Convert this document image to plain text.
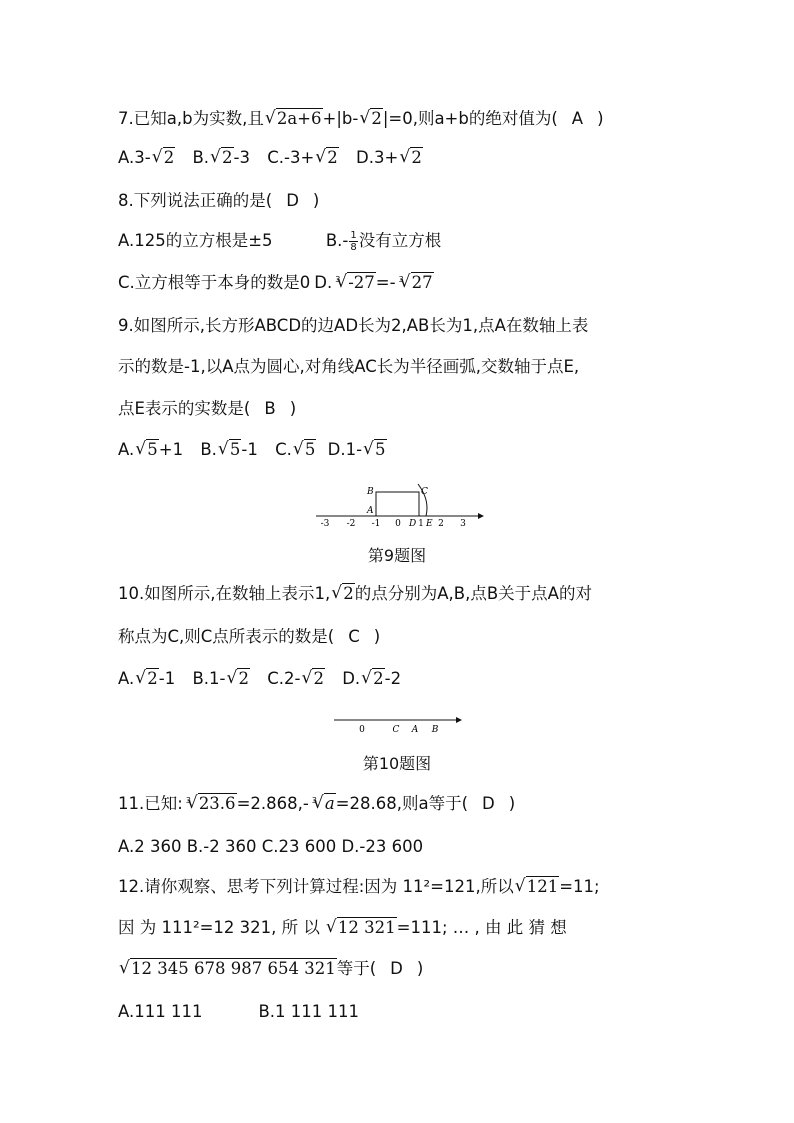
7.已知a,b为实数,且 √ 2a+6+|b- √ 2|=0,则a+b的绝对值为( A )
A.3- √ 2 B. √ 2-3 C.-3+ √ 2 D.3+ √ 2
8.下列说法正确的是( D )
A.125的立方根是±5	$B.- \frac{1}{8}$ 没有立方根
C.立方根等于本身的数是0 D. √ 3 -27=- √ 3 27
9.如图所示,长方形ABCD的边AD长为2,AB长为1,点A在数轴上表
示的数是-1,以A点为圆心,对角线AC长为半径画弧,交数轴于点E,
点E表示的实数是( B )
A. √ 5+1 B. √ 5-1 C. √ 5 D.1- √ 5
-3 -2 -1 0 1 2 3
B	C
A
D E
第9题图
10.如图所示,在数轴上表示1, √ 2的点分别为A,B,点B关于点A的对
称点为C,则C点所表示的数是( C )
A. √ 2-1 B.1- √ 2 C.2- √ 2 D. √ 2-2
0	C A B
第10题图
11.已知: √ 3 23.6=2.868,- √ 3 a=28.68,则a等于( D )
A.2 360 B.-2 360 C.23 600 D.-23 600
12.请你观察、思考下列计算过程:因为 11²=121,所以 √ 121=11;
因 为 111²=12 321, 所 以 √ 12 321=111; … , 由 此 猜 想
√ 12 345 678 987 654 321等于( D )
A.111 111	B.1 111 111
